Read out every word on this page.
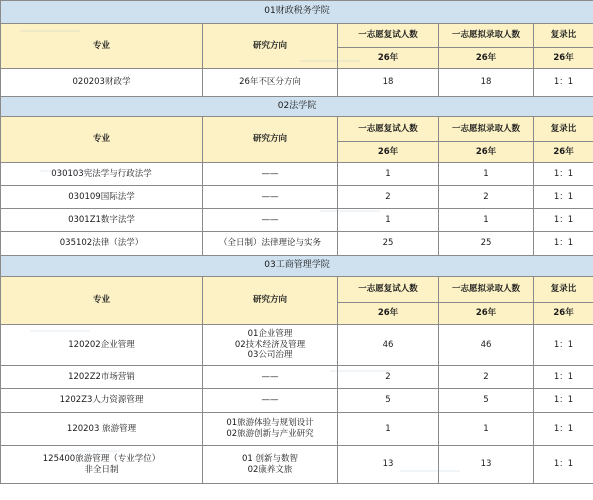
01财政税务学院				
专业	研究方向	一志愿复试人数	一志愿拟录取人数	复录比
		26年	26年	26年

020203财政学	26年不区分方向	18	18	1：1
02法学院				
专业	研究方向	一志愿复试人数	一志愿拟录取人数	复录比
		26年	26年	26年

030103宪法学与行政法学	——	1	1	1：1

030109国际法学	——	2	2	1：1

0301Z1数字法学	——	1	1	1：1

035102法律（法学）	（全日制）法律理论与实务	25	25	1：1
03工商管理学院				
专业	研究方向	一志愿复试人数	一志愿拟录取人数	复录比
		26年	26年	26年

120202企业管理	01企业管理
02技术经济及管理
03公司治理	46	46	1：1

1202Z2市场营销	——	2	2	1：1

1202Z3人力资源管理	——	5	5	1：1

120203 旅游管理	01旅游体验与规划设计
02旅游创新与产业研究	1	1	1：1

125400旅游管理（专业学位）
非全日制	01 创新与数智
02康养文旅	13	13	1：1
